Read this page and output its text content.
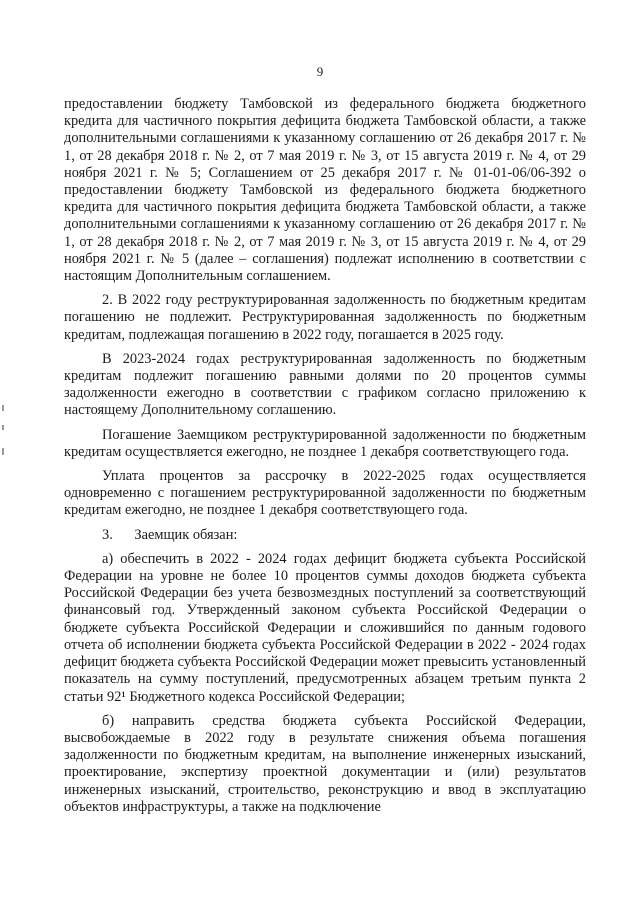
9

предоставлении бюджету Тамбовской из федерального бюджета бюджетного кредита для частичного покрытия дефицита бюджета Тамбовской области, а также дополнительными соглашениями к указанному соглашению от 26 декабря 2017 г. № 1, от 28 декабря 2018 г. № 2, от 7 мая 2019 г. № 3, от 15 августа 2019 г. № 4, от 29 ноября 2021 г. № 5; Соглашением от 25 декабря 2017 г. № 01-01-06/06-392 о предоставлении бюджету Тамбовской из федерального бюджета бюджетного кредита для частичного покрытия дефицита бюджета Тамбовской области, а также дополнительными соглашениями к указанному соглашению от 26 декабря 2017 г. № 1, от 28 декабря 2018 г. № 2, от 7 мая 2019 г. № 3, от 15 августа 2019 г. № 4, от 29 ноября 2021 г. № 5 (далее – соглашения) подлежат исполнению в соответствии с настоящим Дополнительным соглашением.

2. В 2022 году реструктурированная задолженность по бюджетным кредитам погашению не подлежит. Реструктурированная задолженность по бюджетным кредитам, подлежащая погашению в 2022 году, погашается в 2025 году.

В 2023-2024 годах реструктурированная задолженность по бюджетным кредитам подлежит погашению равными долями по 20 процентов суммы задолженности ежегодно в соответствии с графиком согласно приложению к настоящему Дополнительному соглашению.

Погашение Заемщиком реструктурированной задолженности по бюджетным кредитам осуществляется ежегодно, не позднее 1 декабря соответствующего года.

Уплата процентов за рассрочку в 2022-2025 годах осуществляется одновременно с погашением реструктурированной задолженности по бюджетным кредитам ежегодно, не позднее 1 декабря соответствующего года.

3.      Заемщик обязан:

а) обеспечить в 2022 - 2024 годах дефицит бюджета субъекта Российской Федерации на уровне не более 10 процентов суммы доходов бюджета субъекта Российской Федерации без учета безвозмездных поступлений за соответствующий финансовый год. Утвержденный законом субъекта Российской Федерации о бюджете субъекта Российской Федерации и сложившийся по данным годового отчета об исполнении бюджета субъекта Российской Федерации в 2022 - 2024 годах дефицит бюджета субъекта Российской Федерации может превысить установленный показатель на сумму поступлений, предусмотренных абзацем третьим пункта 2 статьи 92¹ Бюджетного кодекса Российской Федерации;

б) направить средства бюджета субъекта Российской Федерации, высвобождаемые в 2022 году в результате снижения объема погашения задолженности по бюджетным кредитам, на выполнение инженерных изысканий, проектирование, экспертизу проектной документации и (или) результатов инженерных изысканий, строительство, реконструкцию и ввод в эксплуатацию объектов инфраструктуры, а также на подключение
